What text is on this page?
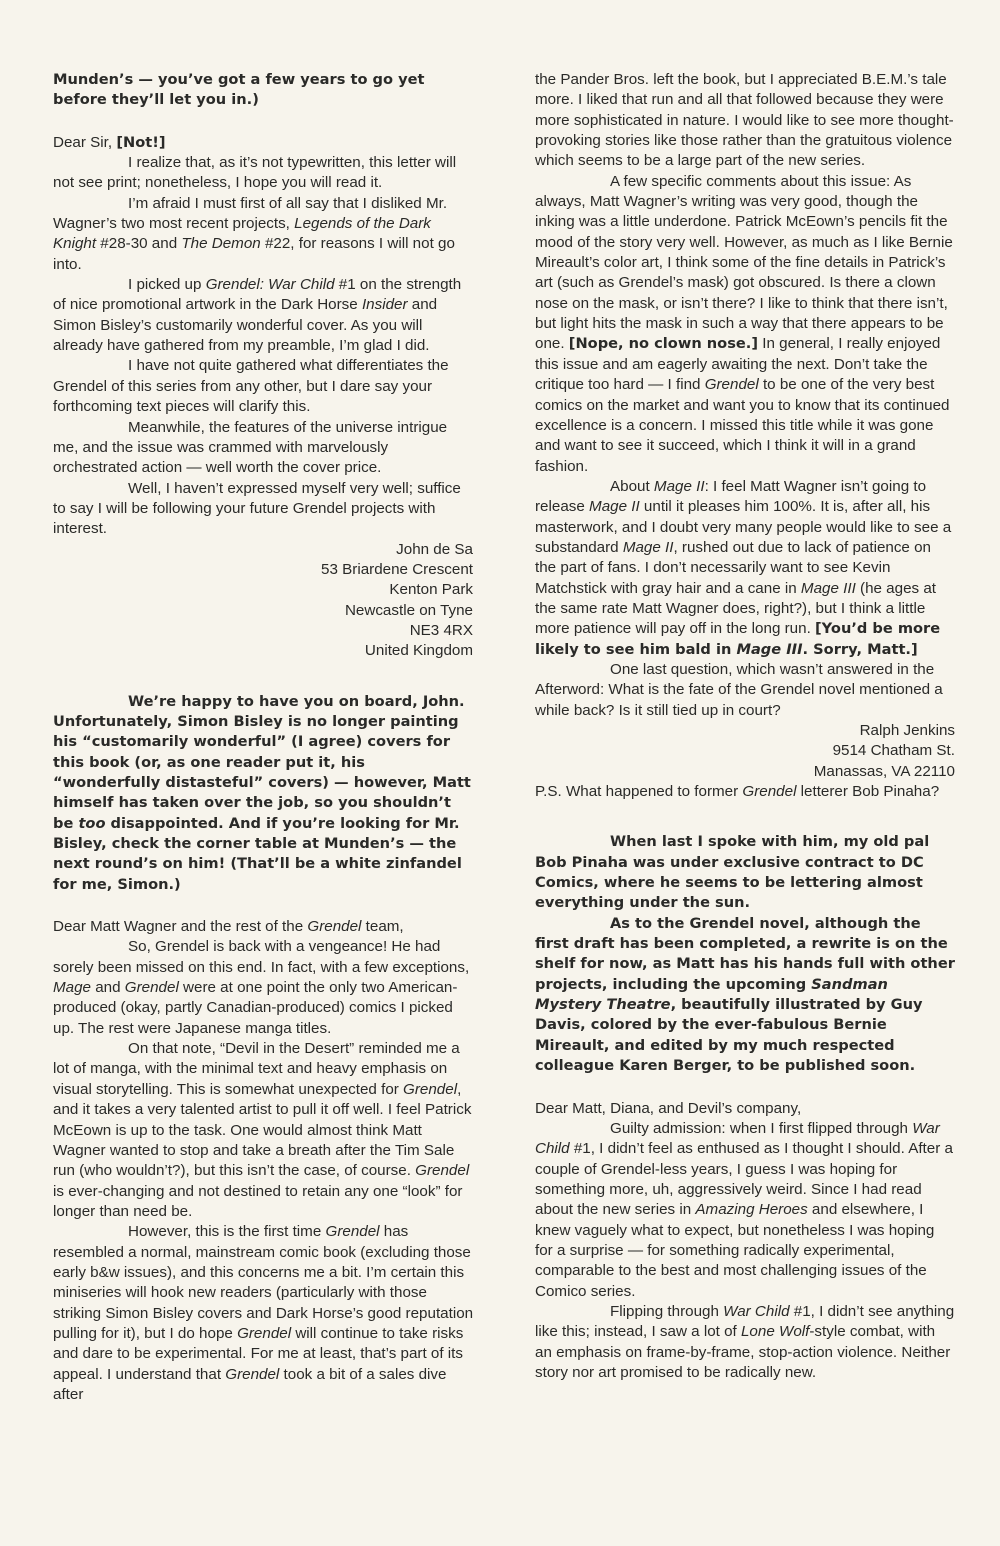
Munden’s — you’ve got a few years to go yet
before they’ll let you in.)

Dear Sir, [Not!]

I realize that, as it’s not typewritten, this letter will not see print; nonetheless, I hope you will read it.

I’m afraid I must first of all say that I disliked Mr. Wagner’s two most recent projects, Legends of the Dark Knight #28-30 and The Demon #22, for reasons I will not go into.

I picked up Grendel: War Child #1 on the strength of nice promotional artwork in the Dark Horse Insider and Simon Bisley’s customarily wonderful cover. As you will already have gathered from my preamble, I’m glad I did.

I have not quite gathered what differentiates the Grendel of this series from any other, but I dare say your forthcoming text pieces will clarify this.

Meanwhile, the features of the universe intrigue me, and the issue was crammed with marvelously orchestrated action — well worth the cover price.

Well, I haven’t expressed myself very well; suffice to say I will be following your future Grendel projects with interest.

John de Sa
53 Briardene Crescent
Kenton Park
Newcastle on Tyne
NE3 4RX
United Kingdom

We’re happy to have you on board, John. Unfortunately, Simon Bisley is no longer painting his “customarily wonderful” (I agree) covers for this book (or, as one reader put it, his “wonderfully distasteful” covers) — however, Matt himself has taken over the job, so you shouldn’t be too disappointed. And if you’re looking for Mr. Bisley, check the corner table at Munden’s — the next round’s on him! (That’ll be a white zinfandel for me, Simon.)

Dear Matt Wagner and the rest of the Grendel team,

So, Grendel is back with a vengeance! He had sorely been missed on this end. In fact, with a few exceptions, Mage and Grendel were at one point the only two American-produced (okay, partly Canadian-produced) comics I picked up. The rest were Japanese manga titles.

On that note, “Devil in the Desert” reminded me a lot of manga, with the minimal text and heavy emphasis on visual storytelling. This is somewhat unexpected for Grendel, and it takes a very talented artist to pull it off well. I feel Patrick McEown is up to the task. One would almost think Matt Wagner wanted to stop and take a breath after the Tim Sale run (who wouldn’t?), but this isn’t the case, of course. Grendel is ever-changing and not destined to retain any one “look” for longer than need be.

However, this is the first time Grendel has resembled a normal, mainstream comic book (excluding those early b&w issues), and this concerns me a bit. I’m certain this miniseries will hook new readers (particularly with those striking Simon Bisley covers and Dark Horse’s good reputation pulling for it), but I do hope Grendel will continue to take risks and dare to be experimental. For me at least, that’s part of its appeal. I understand that Grendel took a bit of a sales dive after

the Pander Bros. left the book, but I appreciated B.E.M.’s tale more. I liked that run and all that followed because they were more sophisticated in nature. I would like to see more thought-provoking stories like those rather than the gratuitous violence which seems to be a large part of the new series.

A few specific comments about this issue: As always, Matt Wagner’s writing was very good, though the inking was a little underdone. Patrick McEown’s pencils fit the mood of the story very well. However, as much as I like Bernie Mireault’s color art, I think some of the fine details in Patrick’s art (such as Grendel’s mask) got obscured. Is there a clown nose on the mask, or isn’t there? I like to think that there isn’t, but light hits the mask in such a way that there appears to be one. [Nope, no clown nose.] In general, I really enjoyed this issue and am eagerly awaiting the next. Don’t take the critique too hard — I find Grendel to be one of the very best comics on the market and want you to know that its continued excellence is a concern. I missed this title while it was gone and want to see it succeed, which I think it will in a grand fashion.

About Mage II: I feel Matt Wagner isn’t going to release Mage II until it pleases him 100%. It is, after all, his masterwork, and I doubt very many people would like to see a substandard Mage II, rushed out due to lack of patience on the part of fans. I don’t necessarily want to see Kevin Matchstick with gray hair and a cane in Mage III (he ages at the same rate Matt Wagner does, right?), but I think a little more patience will pay off in the long run. [You’d be more likely to see him bald in Mage III. Sorry, Matt.]

One last question, which wasn’t answered in the Afterword: What is the fate of the Grendel novel mentioned a while back? Is it still tied up in court?

Ralph Jenkins
9514 Chatham St.
Manassas, VA 22110

P.S. What happened to former Grendel letterer Bob Pinaha?

When last I spoke with him, my old pal Bob Pinaha was under exclusive contract to DC Comics, where he seems to be lettering almost everything under the sun.

As to the Grendel novel, although the first draft has been completed, a rewrite is on the shelf for now, as Matt has his hands full with other projects, including the upcoming Sandman Mystery Theatre, beautifully illustrated by Guy Davis, colored by the ever-fabulous Bernie Mireault, and edited by my much respected colleague Karen Berger, to be published soon.

Dear Matt, Diana, and Devil’s company,

Guilty admission: when I first flipped through War Child #1, I didn’t feel as enthused as I thought I should. After a couple of Grendel-less years, I guess I was hoping for something more, uh, aggressively weird. Since I had read about the new series in Amazing Heroes and elsewhere, I knew vaguely what to expect, but nonetheless I was hoping for a surprise — for something radically experimental, comparable to the best and most challenging issues of the Comico series.

Flipping through War Child #1, I didn’t see anything like this; instead, I saw a lot of Lone Wolf-style combat, with an emphasis on frame-by-frame, stop-action violence. Neither story nor art promised to be radically new.
